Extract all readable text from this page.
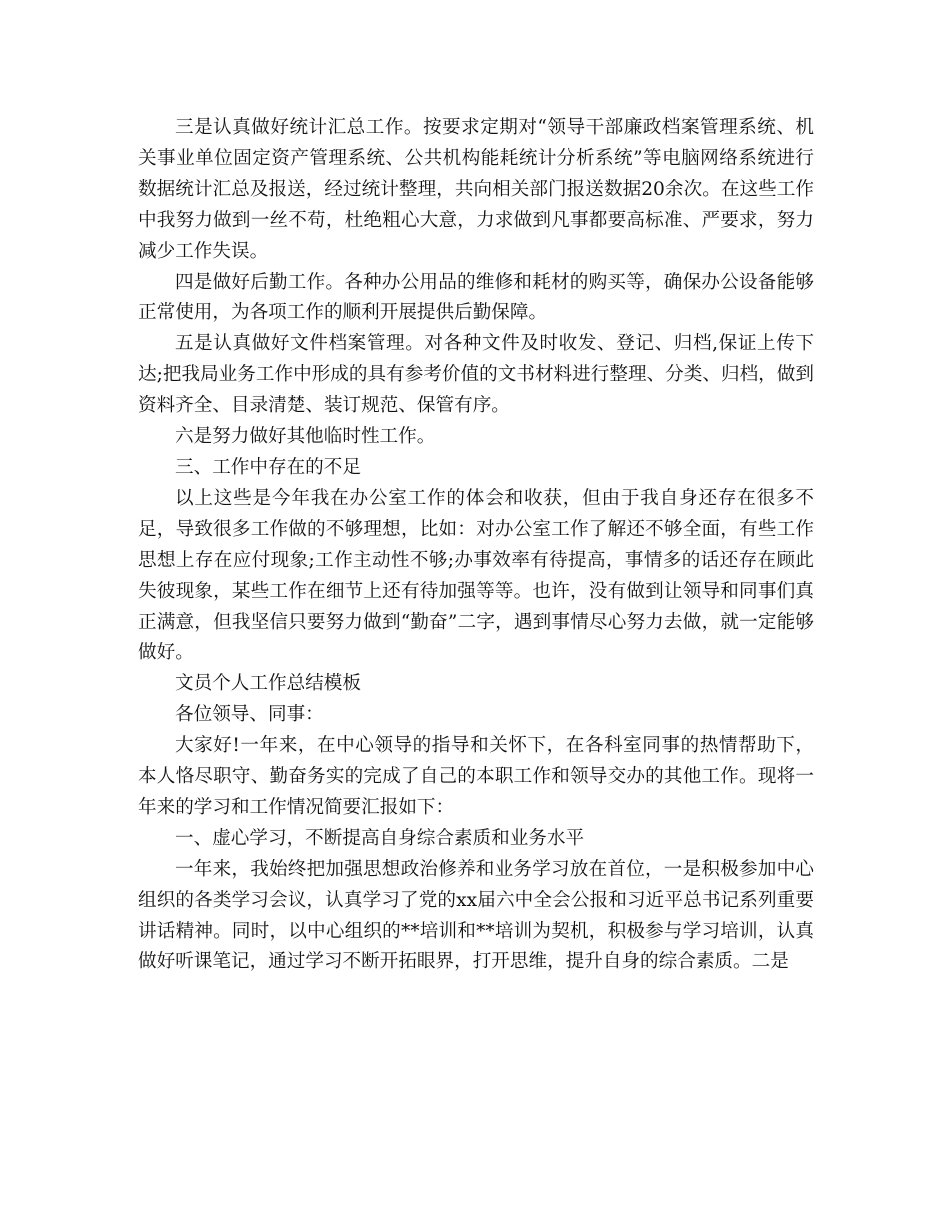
三是认真做好统计汇总工作。按要求定期对“领导干部廉政档案管理系统、机关事业单位固定资产管理系统、公共机构能耗统计分析系统”等电脑网络系统进行数据统计汇总及报送，经过统计整理，共向相关部门报送数据20余次。在这些工作中我努力做到一丝不苟，杜绝粗心大意，力求做到凡事都要高标准、严要求，努力减少工作失误。

四是做好后勤工作。各种办公用品的维修和耗材的购买等，确保办公设备能够正常使用，为各项工作的顺利开展提供后勤保障。

五是认真做好文件档案管理。对各种文件及时收发、登记、归档,保证上传下达;把我局业务工作中形成的具有参考价值的文书材料进行整理、分类、归档，做到资料齐全、目录清楚、装订规范、保管有序。

六是努力做好其他临时性工作。

三、工作中存在的不足

以上这些是今年我在办公室工作的体会和收获，但由于我自身还存在很多不足，导致很多工作做的不够理想，比如：对办公室工作了解还不够全面，有些工作思想上存在应付现象;工作主动性不够;办事效率有待提高，事情多的话还存在顾此失彼现象，某些工作在细节上还有待加强等等。也许，没有做到让领导和同事们真正满意，但我坚信只要努力做到“勤奋”二字，遇到事情尽心努力去做，就一定能够做好。

文员个人工作总结模板

各位领导、同事：

大家好!一年来，在中心领导的指导和关怀下，在各科室同事的热情帮助下，本人恪尽职守、勤奋务实的完成了自己的本职工作和领导交办的其他工作。现将一年来的学习和工作情况简要汇报如下：

一、虚心学习，不断提高自身综合素质和业务水平

一年来，我始终把加强思想政治修养和业务学习放在首位，一是积极参加中心组织的各类学习会议，认真学习了党的xx届六中全会公报和习近平总书记系列重要讲话精神。同时，以中心组织的**培训和**培训为契机，积极参与学习培训，认真做好听课笔记，通过学习不断开拓眼界，打开思维，提升自身的综合素质。二是
